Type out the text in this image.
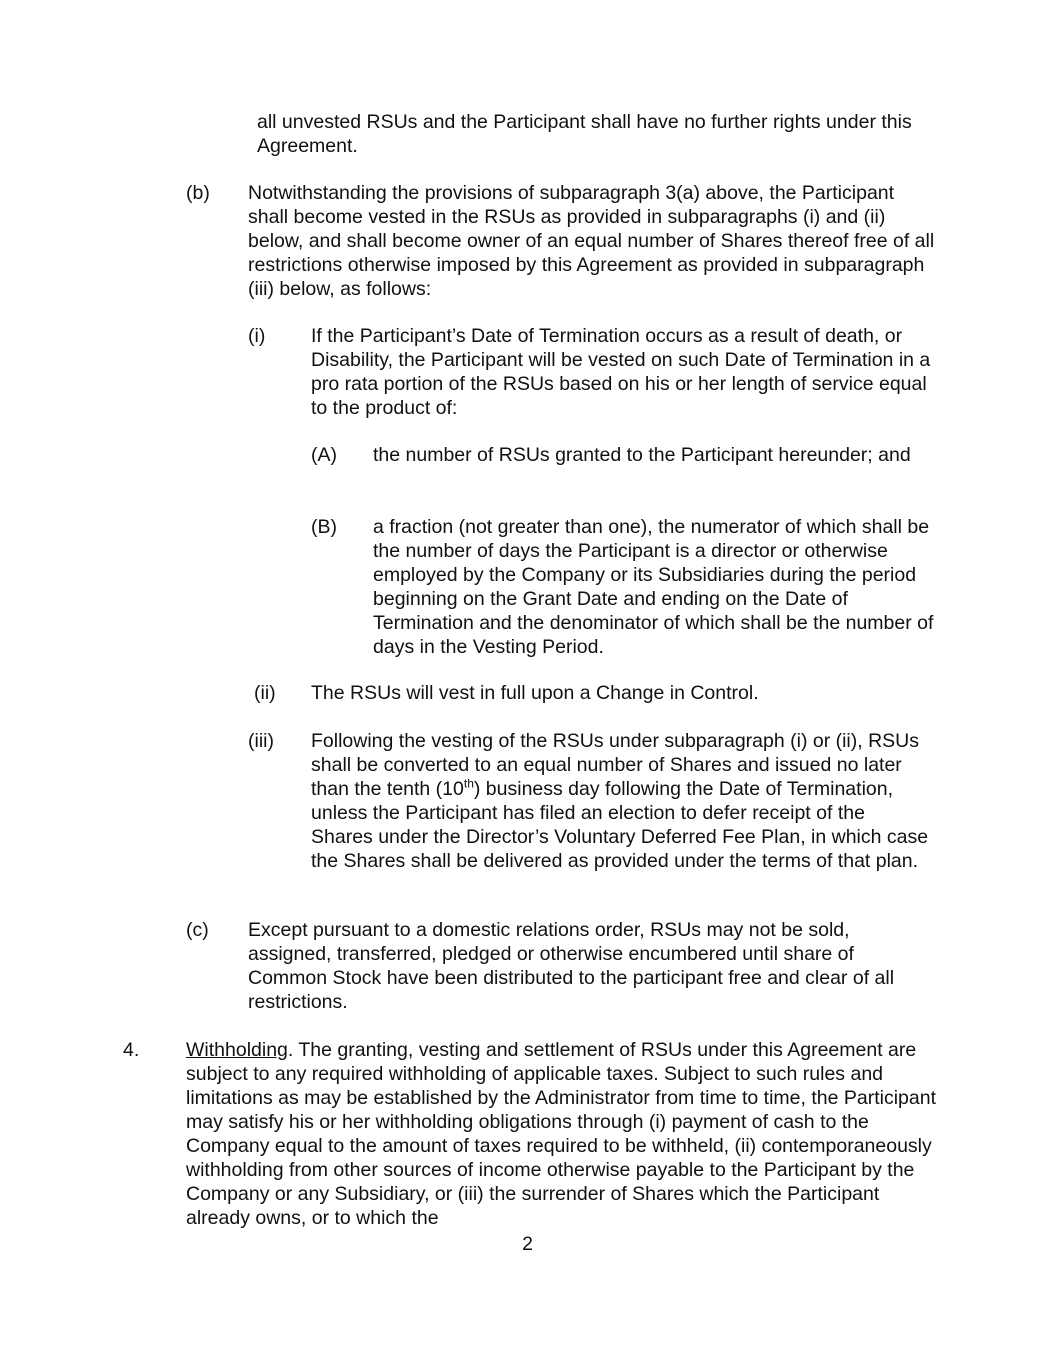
all unvested RSUs and the Participant shall have no further rights under this Agreement.
(b) Notwithstanding the provisions of subparagraph 3(a) above, the Participant shall become vested in the RSUs as provided in subparagraphs (i) and (ii) below, and shall become owner of an equal number of Shares thereof free of all restrictions otherwise imposed by this Agreement as provided in subparagraph (iii) below, as follows:
(i) If the Participant’s Date of Termination occurs as a result of death, or Disability, the Participant will be vested on such Date of Termination in a pro rata portion of the RSUs based on his or her length of service equal to the product of:
(A) the number of RSUs granted to the Participant hereunder; and
(B) a fraction (not greater than one), the numerator of which shall be the number of days the Participant is a director or otherwise employed by the Company or its Subsidiaries during the period beginning on the Grant Date and ending on the Date of Termination and the denominator of which shall be the number of days in the Vesting Period.
(ii) The RSUs will vest in full upon a Change in Control.
(iii) Following the vesting of the RSUs under subparagraph (i) or (ii), RSUs shall be converted to an equal number of Shares and issued no later than the tenth (10th) business day following the Date of Termination, unless the Participant has filed an election to defer receipt of the Shares under the Director’s Voluntary Deferred Fee Plan, in which case the Shares shall be delivered as provided under the terms of that plan.
(c) Except pursuant to a domestic relations order, RSUs may not be sold, assigned, transferred, pledged or otherwise encumbered until share of Common Stock have been distributed to the participant free and clear of all restrictions.
4. Withholding. The granting, vesting and settlement of RSUs under this Agreement are subject to any required withholding of applicable taxes. Subject to such rules and limitations as may be established by the Administrator from time to time, the Participant may satisfy his or her withholding obligations through (i) payment of cash to the Company equal to the amount of taxes required to be withheld, (ii) contemporaneously withholding from other sources of income otherwise payable to the Participant by the Company or any Subsidiary, or (iii) the surrender of Shares which the Participant already owns, or to which the
2
